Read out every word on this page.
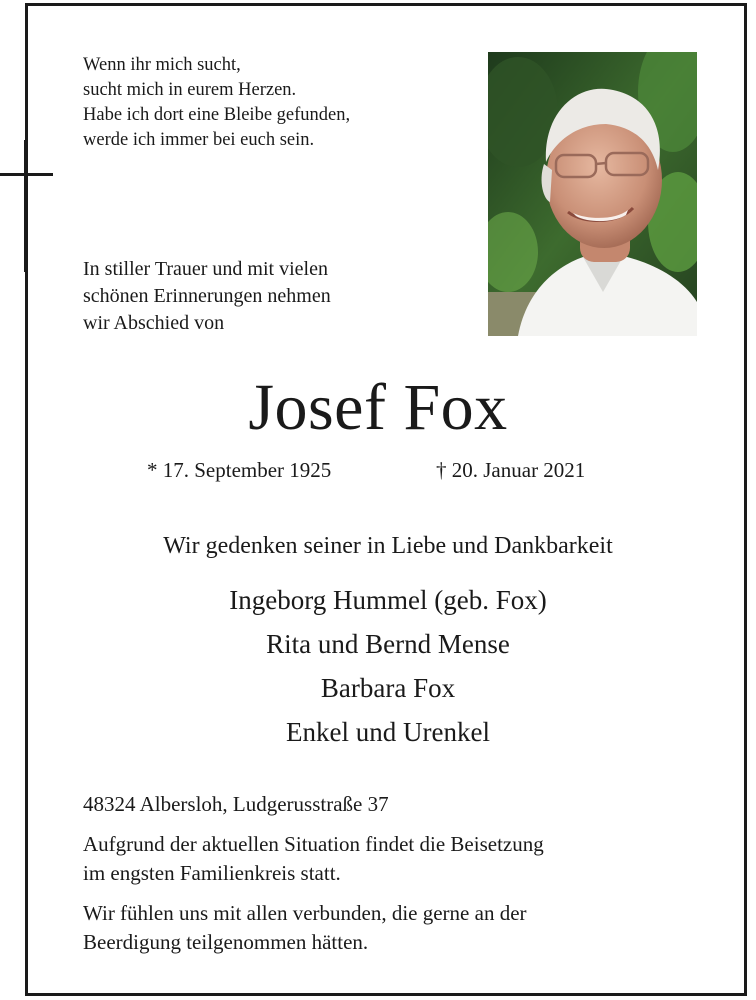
Wenn ihr mich sucht,
sucht mich in eurem Herzen.
Habe ich dort eine Bleibe gefunden,
werde ich immer bei euch sein.
In stiller Trauer und mit vielen
schönen Erinnerungen nehmen
wir Abschied von
Josef Fox
* 17. September 1925	† 20. Januar 2021
Wir gedenken seiner in Liebe und Dankbarkeit
Ingeborg Hummel (geb. Fox)
Rita und Bernd Mense
Barbara Fox
Enkel und Urenkel
48324 Albersloh, Ludgerusstraße 37
Aufgrund der aktuellen Situation findet die Beisetzung
im engsten Familienkreis statt.
Wir fühlen uns mit allen verbunden, die gerne an der
Beerdigung teilgenommen hätten.
